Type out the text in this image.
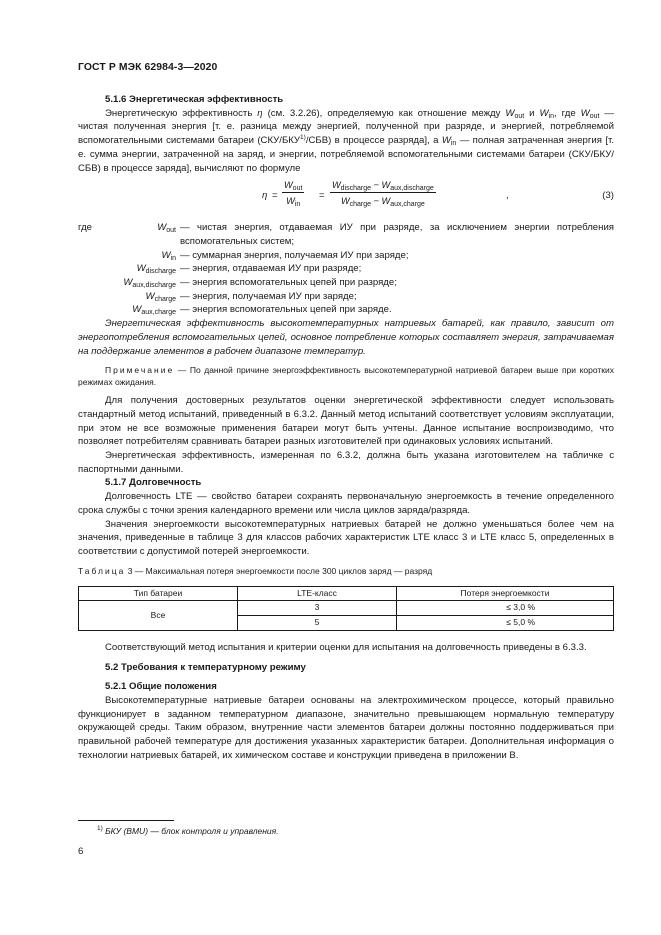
ГОСТ Р МЭК 62984-3—2020
5.1.6 Энергетическая эффективность

Энергетическую эффективность η (см. 3.2.26), определяемую как отношение между $W_{out}$ и $W_{in}$, где $W_{out}$ — чистая полученная энергия [т. е. разница между энергией, полученной при разряде, и энергией, потребляемой вспомогательными системами батареи (СКУ/БКУ$^{1)}$/СБВ) в процессе разряда], а $W_{in}$ — полная затраченная энергия [т. е. сумма энергии, затраченной на заряд, и энергии, потребляемой вспомогательными системами батареи (СКУ/БКУ/СБВ) в процессе заряда], вычисляют по формуле

η =
$W_{out}$
$W_{in}$
=
$W_{discharge} - W_{aux,discharge}$
$W_{charge} - W_{aux,charge}$
,	(3)
где	$W_{out}$ — чистая энергия, отдаваемая ИУ при разряде, за исключением энергии потребления вспомогательных систем;
$W_{in}$ — суммарная энергия, получаемая ИУ при заряде;
$W_{discharge}$ — энергия, отдаваемая ИУ при разряде;
$W_{aux,discharge}$ — энергия вспомогательных цепей при разряде;
$W_{charge}$ — энергия, получаемая ИУ при заряде;
$W_{aux,charge}$ — энергия вспомогательных цепей при заряде.

Энергетическая эффективность высокотемпературных натриевых батарей, как правило, зависит от энергопотребления вспомогательных цепей, основное потребление которых составляет энергия, затрачиваемая на поддержание элементов в рабочем диапазоне температур.

Примечание — По данной причине энергоэффективность высокотемпературной натриевой батареи выше при коротких режимах ожидания.

Для получения достоверных результатов оценки энергетической эффективности следует использовать стандартный метод испытаний, приведенный в 6.3.2. Данный метод испытаний соответствует условиям эксплуатации, при этом не все возможные применения батареи могут быть учтены. Данное испытание воспроизводимо, что позволяет потребителям сравнивать батареи разных изготовителей при одинаковых условиях испытаний.

Энергетическая эффективность, измеренная по 6.3.2, должна быть указана изготовителем на табличке с паспортными данными.

5.1.7 Долговечность

Долговечность LTE — свойство батареи сохранять первоначальную энергоемкость в течение определенного срока службы с точки зрения календарного времени или числа циклов заряда/разряда.

Значения энергоемкости высокотемпературных натриевых батарей не должно уменьшаться более чем на значения, приведенные в таблице 3 для классов рабочих характеристик LTE класс 3 и LTE класс 5, определенных в соответствии с допустимой потерей энергоемкости.

Таблица 3 — Максимальная потеря энергоемкости после 300 циклов заряд — разряд

Тип батареи	LTE-класс	Потеря энергоемкости
Все	3	≤ 3,0 %
	5	≤ 5,0 %

Соответствующий метод испытания и критерии оценки для испытания на долговечность приведены в 6.3.3.

5.2 Требования к температурному режиму
5.2.1 Общие положения

Высокотемпературные натриевые батареи основаны на электрохимическом процессе, который правильно функционирует в заданном температурном диапазоне, значительно превышающем нормальную температуру окружающей среды. Таким образом, внутренние части элементов батареи должны постоянно поддерживаться при правильной рабочей температуре для достижения указанных характеристик батареи. Дополнительная информация о технологии натриевых батарей, их химическом составе и конструкции приведена в приложении В.

$^{1)}$ БКУ (BMU) — блок контроля и управления.
6
